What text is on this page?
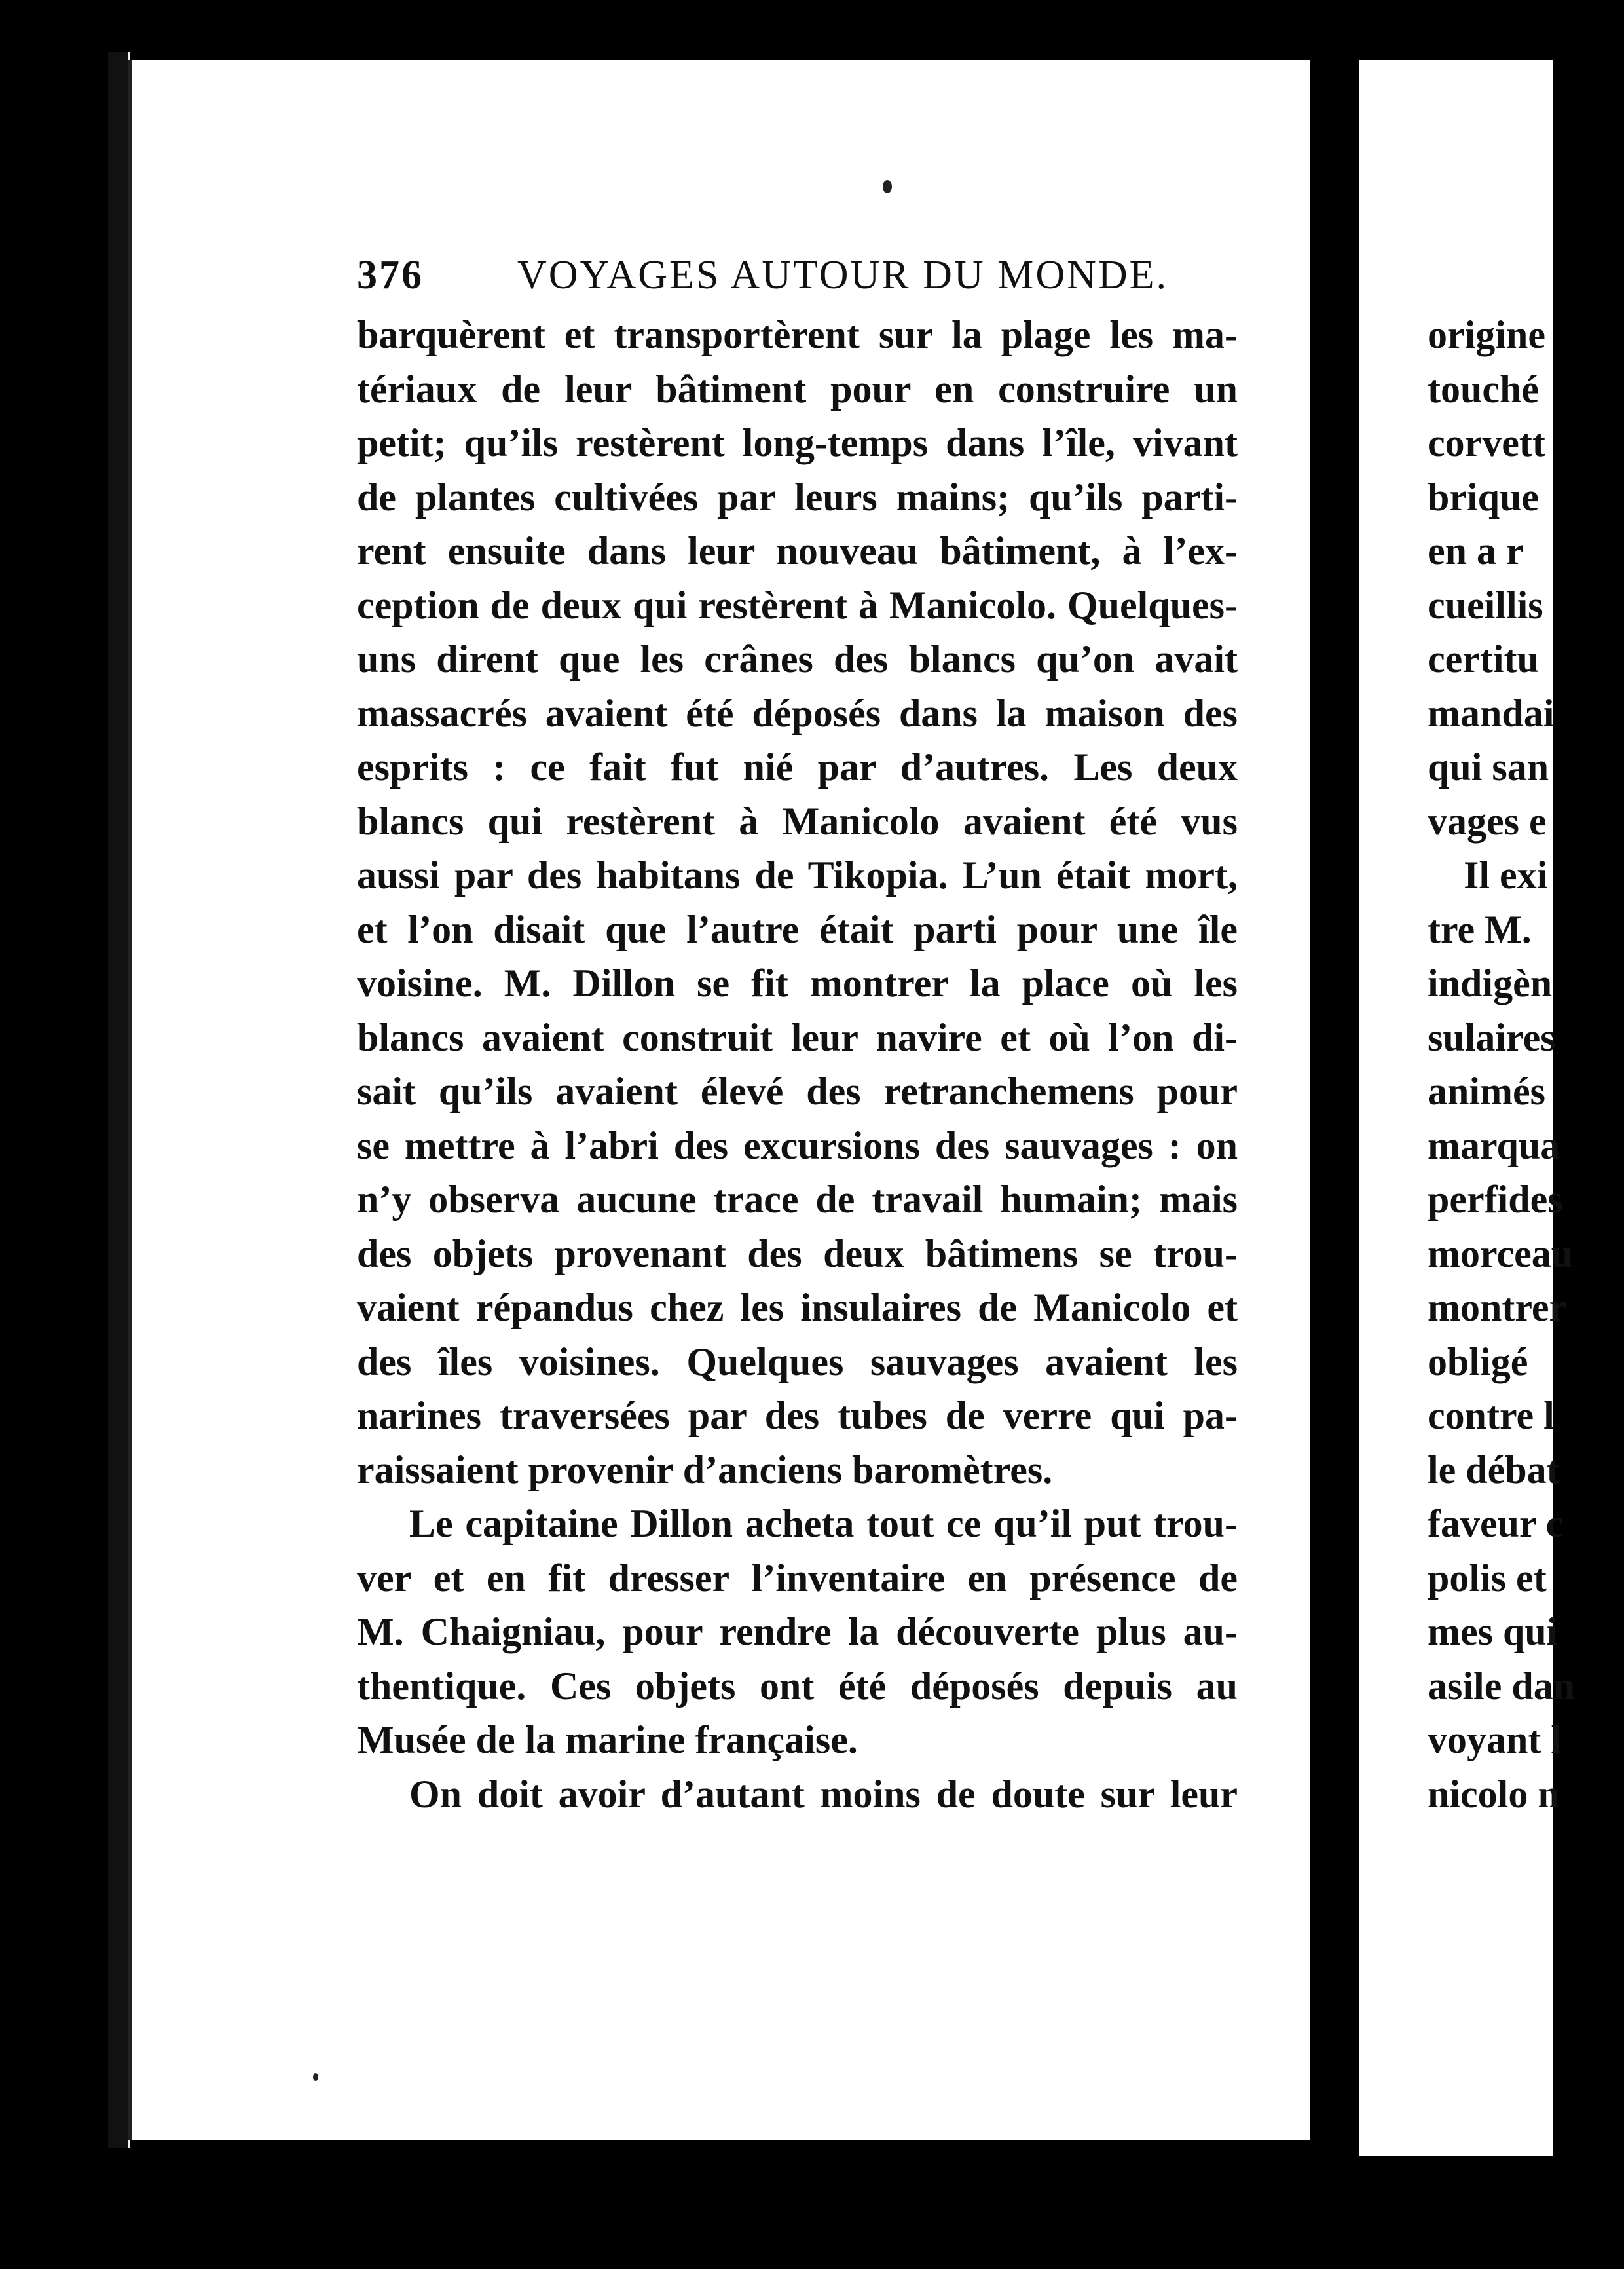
376 VOYAGES AUTOUR DU MONDE.
barquèrent et transportèrent sur la plage les ma-
tériaux de leur bâtiment pour en construire un
petit; qu’ils restèrent long-temps dans l’île, vivant
de plantes cultivées par leurs mains; qu’ils parti-
rent ensuite dans leur nouveau bâtiment, à l’ex-
ception de deux qui restèrent à Manicolo. Quelques-
uns dirent que les crânes des blancs qu’on avait
massacrés avaient été déposés dans la maison des
esprits : ce fait fut nié par d’autres. Les deux
blancs qui restèrent à Manicolo avaient été vus
aussi par des habitans de Tikopia. L’un était mort,
et l’on disait que l’autre était parti pour une île
voisine. M. Dillon se fit montrer la place où les
blancs avaient construit leur navire et où l’on di-
sait qu’ils avaient élevé des retranchemens pour
se mettre à l’abri des excursions des sauvages : on
n’y observa aucune trace de travail humain; mais
des objets provenant des deux bâtimens se trou-
vaient répandus chez les insulaires de Manicolo et
des îles voisines. Quelques sauvages avaient les
narines traversées par des tubes de verre qui pa-
raissaient provenir d’anciens baromètres.
Le capitaine Dillon acheta tout ce qu’il put trou-
ver et en fit dresser l’inventaire en présence de
M. Chaigniau, pour rendre la découverte plus au-
thentique. Ces objets ont été déposés depuis au
Musée de la marine française.
On doit avoir d’autant moins de doute sur leur
origine
touché
corvett
brique
en a r
cueillis
certitu
mandai
qui san
vages e
Il exi
tre M.
indigèn
sulaires
animés
marqua
perfides
morceau
montrer
obligé
contre l
le débat
faveur c
polis et
mes qui
asile dan
voyant l
nicolo n
